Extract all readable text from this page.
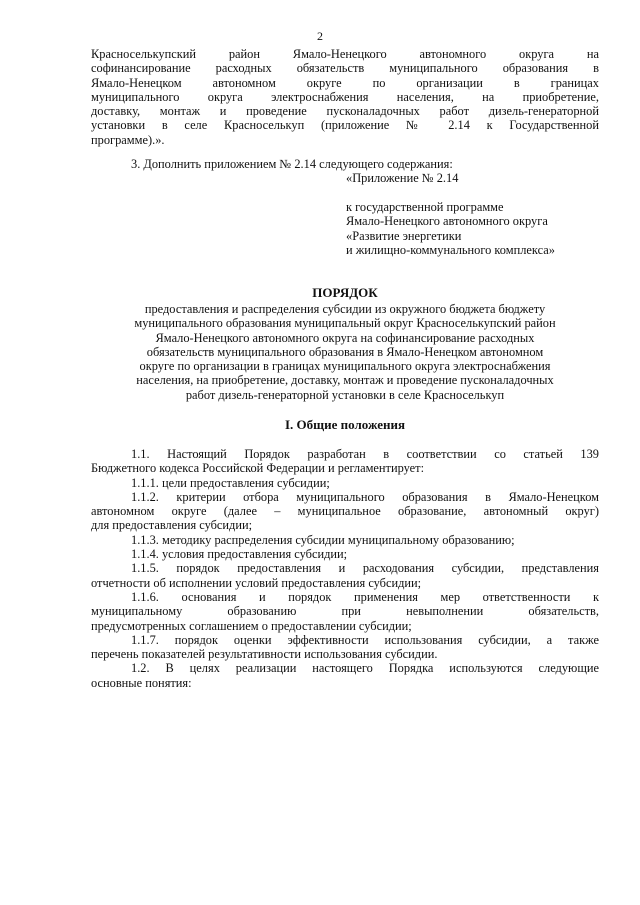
2

Красноселькупский район Ямало-Ненецкого автономного округа на

софинансирование расходных обязательств муниципального образования в

Ямало-Ненецком автономном округе по организации в границах

муниципального округа электроснабжения населения, на приобретение,

доставку, монтаж и проведение пусконаладочных работ дизель-генераторной

установки в селе Красноселькуп (приложение № 2.14 к Государственной

программе).».

3. Дополнить приложением № 2.14 следующего содержания:
«Приложение № 2.14

к государственной программе

Ямало-Ненецкого автономного округа

«Развитие энергетики

и жилищно-коммунального комплекса»

ПОРЯДОК

предоставления и распределения субсидии из окружного бюджета бюджету

муниципального образования муниципальный округ Красноселькупский район

Ямало-Ненецкого автономного округа на софинансирование расходных

обязательств муниципального образования в Ямало-Ненецком автономном

округе по организации в границах муниципального округа электроснабжения

населения, на приобретение, доставку, монтаж и проведение пусконаладочных

работ дизель-генераторной установки в селе Красноселькуп

I. Общие положения

1.1. Настоящий Порядок разработан в соответствии со статьей 139

Бюджетного кодекса Российской Федерации и регламентирует:

1.1.1. цели предоставления субсидии;

1.1.2. критерии отбора муниципального образования в Ямало-Ненецком

автономном округе (далее – муниципальное образование, автономный округ)

для предоставления субсидии;

1.1.3. методику распределения субсидии муниципальному образованию;

1.1.4. условия предоставления субсидии;

1.1.5. порядок предоставления и расходования субсидии, представления

отчетности об исполнении условий предоставления субсидии;

1.1.6. основания и порядок применения мер ответственности к

муниципальному образованию при невыполнении обязательств,

предусмотренных соглашением о предоставлении субсидии;

1.1.7. порядок оценки эффективности использования субсидии, а также

перечень показателей результативности использования субсидии.

1.2. В целях реализации настоящего Порядка используются следующие

основные понятия:
